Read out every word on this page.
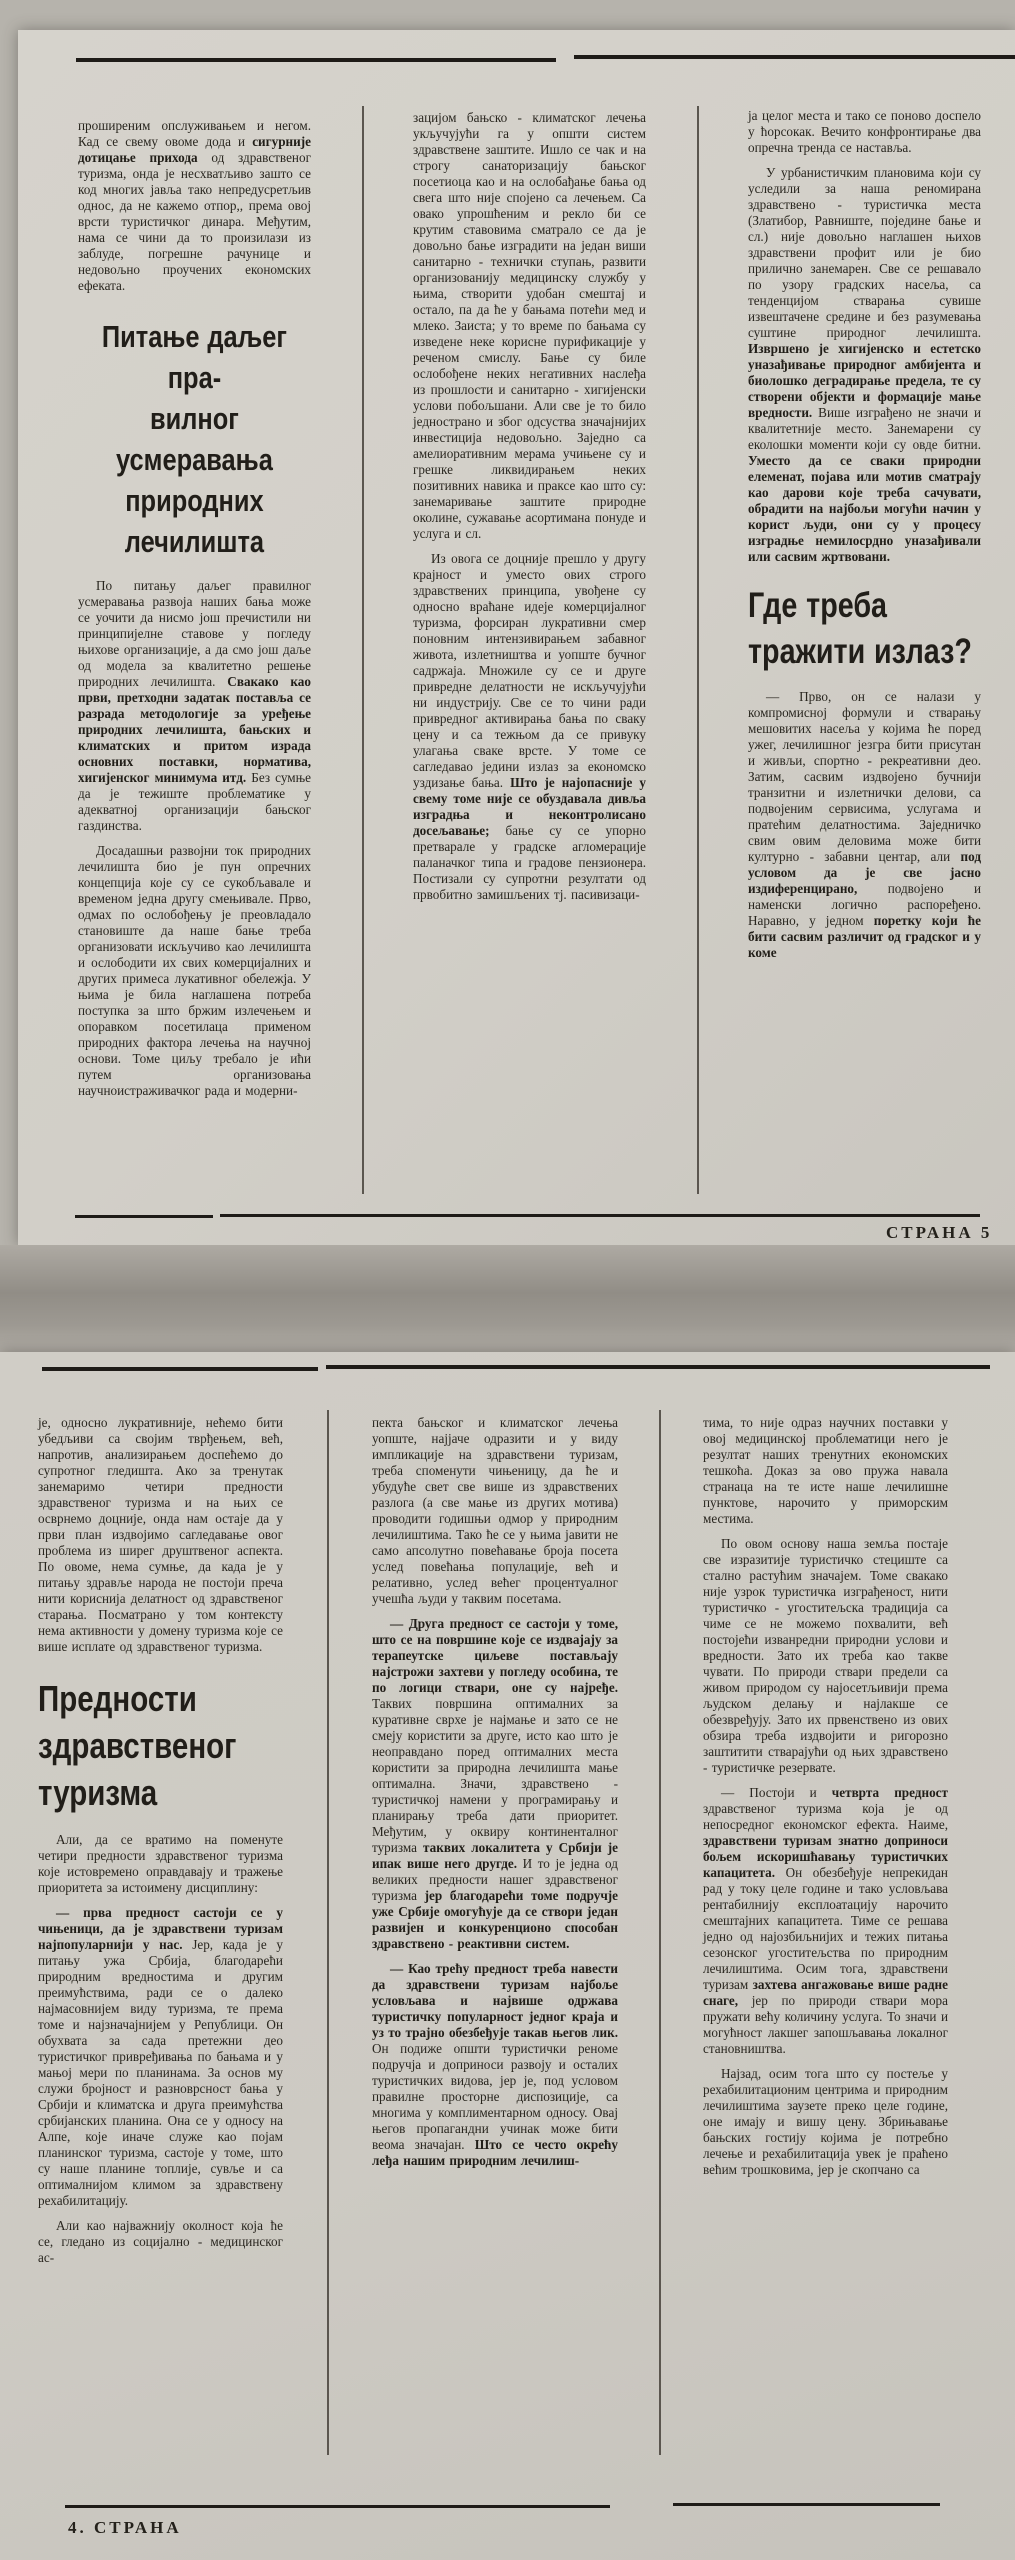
проширеним опслуживањем и негом. Кад се свему овоме дода и сигурније дотицање прихода од здравственог туризма, онда је несхватљиво зашто се код многих јавља тако непредусретљив однос, да не кажемо отпор,, према овој врсти туристичког динара. Међутим, нама се чини да то произилази из заблуде, погрешне рачунице и недовољно проучених економских ефеката.

Питање даљег пра-
вилног усмеравања
природних
лечилишта

По питању даљег правилног усмеравања развоја наших бања може се уочити да нисмо још пречистили ни принципијелне ставове у погледу њихове организације, а да смо још даље од модела за квалитетно решење природних лечилишта. Свакако као први, претходни задатак поставља се разрада методологије за уређење природних лечилишта, бањских и климатских и притом израда основних поставки, норматива, хигијенског минимума итд. Без сумње да је тежиште проблематике у адекватној организацији бањског газдинства.

Досадашњи развојни ток природних лечилишта био је пун опречних концепција које су се сукобљавале и временом једна другу смењивале. Прво, одмах по ослобођењу је преовладало становиште да наше бање треба организовати искључиво као лечилишта и ослободити их свих комерцијалних и других примеса лукативног обележја. У њима је била наглашена потреба поступка за што бржим излечењем и опоравком посетилаца применом природних фактора лечења на научној основи. Томе циљу требало је ићи путем организовања научноистраживачког рада и модерни-

зацијом бањско - климатског лечења укључујући га у општи систем здравствене заштите. Ишло се чак и на строгу санаторизацију бањског посетиоца као и на ослобађање бања од свега што није спојено са лечењем. Са овако упрошћеним и рекло би се крутим ставовима сматрало се да је довољно бање изградити на један виши санитарно - технички ступањ, развити организованију медицинску службу у њима, створити удобан смештај и остало, па да ће у бањама потећи мед и млеко. Заиста; у то време по бањама су изведене неке корисне пурификације у реченом смислу. Бање су биле ослобођене неких негативних наслеђа из прошлости и санитарно - хигијенски услови побољшани. Али све је то било једнострано и због одсуства значајнијих инвестиција недовољно. Заједно са амелиоративним мерама учињене су и грешке ликвидирањем неких позитивних навика и праксе као што су: занемаривање заштите природне околине, сужавање асортимана понуде и услуга и сл.

Из овога се доцније прешло у другу крајност и уместо ових строго здравствених принципа, увођене су односно враћане идеје комерцијалног туризма, форсиран лукративни смер поновним интензивирањем забавног живота, излетништва и уопште бучног садржаја. Множиле су се и друге привредне делатности не искључујући ни индустрију. Све се то чини ради привредног активирања бања по сваку цену и са тежњом да се привуку улагања сваке врсте. У томе се сагледавао једини излаз за економско уздизање бања. Што је најопасније у свему томе није се обуздавала дивља изградња и неконтролисано досељавање; бање су се упорно претварале у градске агломерације паланачког типа и градове пензионера. Постизали су супротни резултати од првобитно замишљених тј. пасивизаци-

ја целог места и тако се поново доспело у ћорсокак. Вечито конфронтирање два опречна тренда се наставља.

У урбанистичким плановима који су уследили за наша реномирана здравствено - туристичка места (Златибор, Равниште, поједине бање и сл.) није довољно наглашен њихов здравствени профит или је био прилично занемарен. Све се решавало по узору градских насеља, са тенденцијом стварања сувише извештачене средине и без разумевања суштине природног лечилишта. Извршено је хигијенско и естетско уназађивање природног амбијента и биолошко деградирање предела, те су створени објекти и формације мање вредности. Више изграђено не значи и квалитетније место. Занемарени су еколошки моменти који су овде битни. Уместо да се сваки природни елеменат, појава или мотив сматрају као дарови које треба сачувати, обрадити на најбољи могући начин у корист људи, они су у процесу изградње немилосрдно уназађивали или сасвим жртвовани.

Где треба
тражити излаз?

— Прво, он се налази у компромисној формули и стварању мешовитих насеља у којима ће поред ужег, лечилишног језгра бити присутан и живљи, спортно - рекреативни део. Затим, сасвим издвојено бучнији транзитни и излетнички делови, са подвојеним сервисима, услугама и пратећим делатностима. Заједничко свим овим деловима може бити културно - забавни центар, али под условом да је све јасно издиференцирано, подвојено и наменски логично распоређено. Наравно, у једном поретку који ће бити сасвим различит од градског и у коме

СТРАНА 5

је, односно лукративније, нећемо бити убедљиви са својим тврђењем, већ, напротив, анализирањем доспећемо до супротног гледишта. Ако за тренутак занемаримо четири предности здравственог туризма и на њих се осврнемо доцније, онда нам остаје да у први план издвојимо сагледавање овог проблема из ширег друштвеног аспекта. По овоме, нема сумње, да када је у питању здравље народа не постоји преча нити кориснија делатност од здравственог старања. Посматрано у том контексту нема активности у домену туризма које се више исплате од здравственог туризма.

Предности
здравственог
туризма

Али, да се вратимо на поменуте четири предности здравственог туризма које истовремено оправдавају и тражење приоритета за истоимену дисциплину:

— прва предност састоји се у чињеници, да је здравствени туризам најпопуларнији у нас. Јер, када је у питању ужа Србија, благодарећи природним вредностима и другим преимућствима, ради се о далеко најмасовнијем виду туризма, те према томе и најзначајнијем у Републици. Он обухвата за сада претежни део туристичког привређивања по бањама и у мањој мери по планинама. За основ му служи бројност и разноврсност бања у Србији и климатска и друга преимућства србијанских планина. Она се у односу на Алпе, које иначе служе као појам планинског туризма, састоје у томе, што су наше планине топлије, сувље и са оптималнијом климом за здравствену рехабилитацију.

Али као најважнију околност која ће се, гледано из социјално - медицинског ас-

пекта бањског и климатског лечења уопште, најјаче одразити и у виду импликације на здравствени туризам, треба споменути чињеницу, да ће и убудуће свет све више из здравствених разлога (а све мање из других мотива) проводити годишњи одмор у природним лечилиштима. Тако ће се у њима јавити не само апсолутно повећавање броја посета услед повећања популације, већ и релативно, услед већег процентуалног учешћа људи у таквим посетама.

— Друга предност се састоји у томе, што се на површине које се издвајају за терапеутске циљеве постављају најстрожи захтеви у погледу особина, те по логици ствари, оне су најређе. Таквих површина оптималних за куративне сврхе је најмање и зато се не смеју користити за друге, исто као што је неоправдано поред оптималних места користити за природна лечилишта мање оптимална. Значи, здравствено - туристичкој намени у програмирању и планирању треба дати приоритет. Међутим, у оквиру континенталног туризма таквих локалитета у Србији је ипак више него другде. И то је једна од великих предности нашег здравственог туризма јер благодарећи томе подручје уже Србије омогућује да се створи један развијен и конкуренционо способан здравствено - реактивни систем.

— Као трећу предност треба навести да здравствени туризам најбоље условљава и највише одржава туристичку популарност једног краја и уз то трајно обезбеђује такав његов лик. Он подиже општи туристички реноме подручја и доприноси развоју и осталих туристичких видова, јер је, под условом правилне просторне диспозиције, са многима у комплиментарном односу. Овај његов пропагандни учинак може бити веома значајан. Што се често окрећу леђа нашим природним лечилиш-

тима, то није одраз научних поставки у овој медицинској проблематици него је резултат наших тренутних економских тешкоћа. Доказ за ово пружа навала странаца на те исте наше лечилишне пунктове, нарочито у приморским местима.

По овом основу наша земља постаје све изразитије туристичко стециште са стално растућим значајем. Томе свакако није узрок туристичка изграђеност, нити туристичко - угоститељска традиција са чиме се не можемо похвалити, већ постојећи изванредни природни услови и вредности. Зато их треба као такве чувати. По природи ствари предели са живом природом су најосетљивији према људском делању и најлакше се обезвређују. Зато их првенствено из ових обзира треба издвојити и ригорозно заштитити стварајући од њих здравствено - туристичке резервате.

— Постоји и четврта предност здравственог туризма која је од непосредног економског ефекта. Наиме, здравствени туризам знатно доприноси бољем искоришћавању туристичких капацитета. Он обезбеђује непрекидан рад у току целе године и тако условљава рентабилнију експлоатацију нарочито смештајних капацитета. Тиме се решава једно од најозбиљнијих и тежих питања сезонског угоститељства по природним лечилиштима. Осим тога, здравствени туризам захтева ангажовање више радне снаге, јер по природи ствари мора пружати већу количину услуга. То значи и могућност лакшег запошљавања локалног становништва.

Најзад, осим тога што су постеље у рехабилитационим центрима и природним лечилиштима заузете преко целе године, оне имају и вишу цену. Збрињавање бањских гостију којима је потребно лечење и рехабилитација увек је праћено већим трошковима, јер је скопчано са

4. СТРАНА
